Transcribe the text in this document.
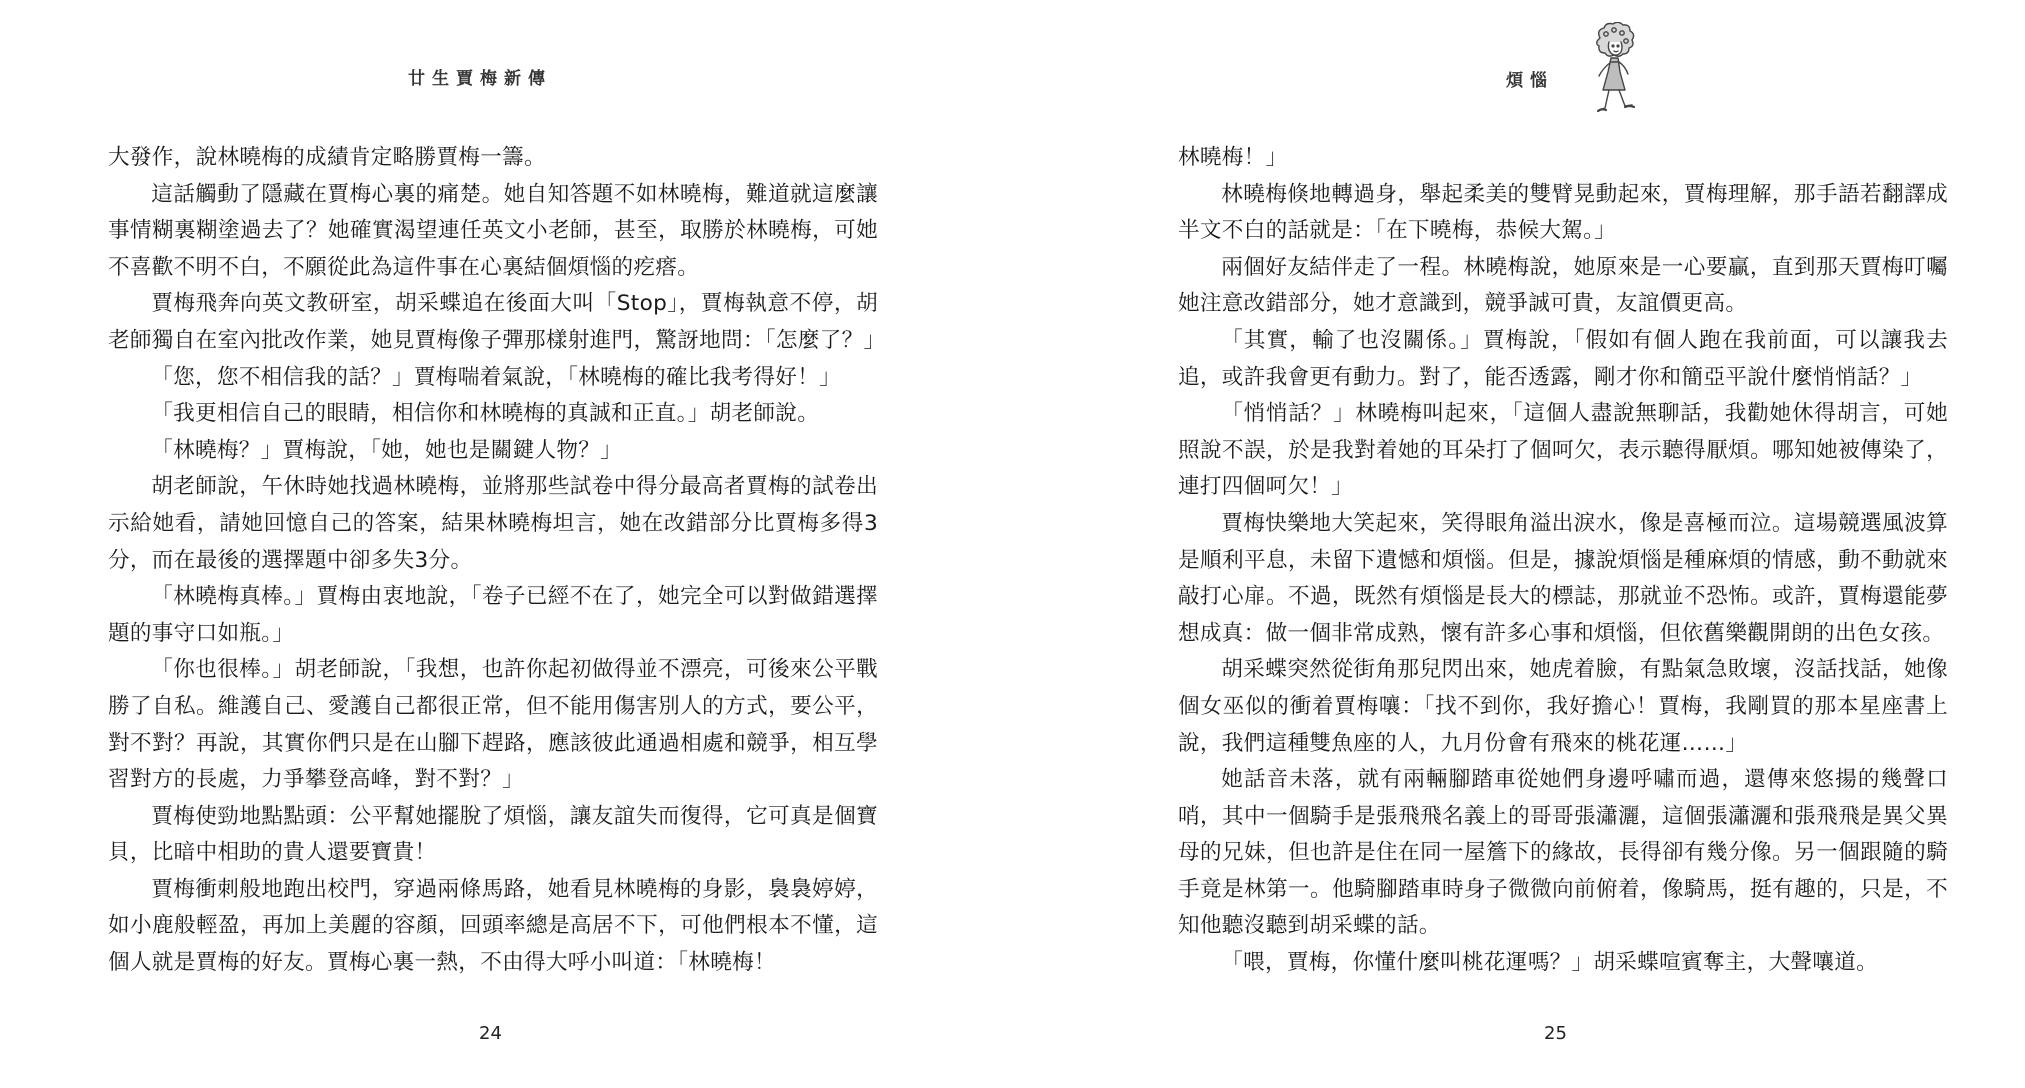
廿生賈梅新傳

大發作，說林曉梅的成績肯定略勝賈梅一籌。

這話觸動了隱藏在賈梅心裏的痛楚。她自知答題不如林曉梅，難道就這麼讓事情糊裏糊塗過去了？她確實渴望連任英文小老師，甚至，取勝於林曉梅，可她不喜歡不明不白，不願從此為這件事在心裏結個煩惱的疙瘩。

賈梅飛奔向英文教研室，胡采蝶追在後面大叫「Stop」，賈梅執意不停，胡老師獨自在室內批改作業，她見賈梅像子彈那樣射進門，驚訝地問：「怎麼了？」

「您，您不相信我的話？」賈梅喘着氣說，「林曉梅的確比我考得好！」

「我更相信自己的眼睛，相信你和林曉梅的真誠和正直。」胡老師說。

「林曉梅？」賈梅說，「她，她也是關鍵人物？」

胡老師說，午休時她找過林曉梅，並將那些試卷中得分最高者賈梅的試卷出示給她看，請她回憶自己的答案，結果林曉梅坦言，她在改錯部分比賈梅多得3分，而在最後的選擇題中卻多失3分。

「林曉梅真棒。」賈梅由衷地說，「卷子已經不在了，她完全可以對做錯選擇題的事守口如瓶。」

「你也很棒。」胡老師說，「我想，也許你起初做得並不漂亮，可後來公平戰勝了自私。維護自己、愛護自己都很正常，但不能用傷害別人的方式，要公平，對不對？再說，其實你們只是在山腳下趕路，應該彼此通過相處和競爭，相互學習對方的長處，力爭攀登高峰，對不對？」

賈梅使勁地點點頭：公平幫她擺脫了煩惱，讓友誼失而復得，它可真是個寶貝，比暗中相助的貴人還要寶貴！

賈梅衝刺般地跑出校門，穿過兩條馬路，她看見林曉梅的身影，裊裊婷婷，如小鹿般輕盈，再加上美麗的容顏，回頭率總是高居不下，可他們根本不懂，這個人就是賈梅的好友。賈梅心裏一熱，不由得大呼小叫道：「林曉梅！

24
煩惱

林曉梅！」

林曉梅倏地轉過身，舉起柔美的雙臂晃動起來，賈梅理解，那手語若翻譯成半文不白的話就是：「在下曉梅，恭候大駕。」

兩個好友結伴走了一程。林曉梅說，她原來是一心要贏，直到那天賈梅叮囑她注意改錯部分，她才意識到，競爭誠可貴，友誼價更高。

「其實，輸了也沒關係。」賈梅說，「假如有個人跑在我前面，可以讓我去追，或許我會更有動力。對了，能否透露，剛才你和簡亞平說什麼悄悄話？」

「悄悄話？」林曉梅叫起來，「這個人盡說無聊話，我勸她休得胡言，可她照說不誤，於是我對着她的耳朵打了個呵欠，表示聽得厭煩。哪知她被傳染了，連打四個呵欠！」

賈梅快樂地大笑起來，笑得眼角溢出淚水，像是喜極而泣。這場競選風波算是順利平息，未留下遺憾和煩惱。但是，據說煩惱是種麻煩的情感，動不動就來敲打心扉。不過，既然有煩惱是長大的標誌，那就並不恐怖。或許，賈梅還能夢想成真：做一個非常成熟，懷有許多心事和煩惱，但依舊樂觀開朗的出色女孩。

胡采蝶突然從街角那兒閃出來，她虎着臉，有點氣急敗壞，沒話找話，她像個女巫似的衝着賈梅嚷：「找不到你，我好擔心！賈梅，我剛買的那本星座書上說，我們這種雙魚座的人，九月份會有飛來的桃花運……」

她話音未落，就有兩輛腳踏車從她們身邊呼嘯而過，還傳來悠揚的幾聲口哨，其中一個騎手是張飛飛名義上的哥哥張瀟灑，這個張瀟灑和張飛飛是異父異母的兄妹，但也許是住在同一屋簷下的緣故，長得卻有幾分像。另一個跟隨的騎手竟是林第一。他騎腳踏車時身子微微向前俯着，像騎馬，挺有趣的，只是，不知他聽沒聽到胡采蝶的話。

「喂，賈梅，你懂什麼叫桃花運嗎？」胡采蝶喧賓奪主，大聲嚷道。

25
